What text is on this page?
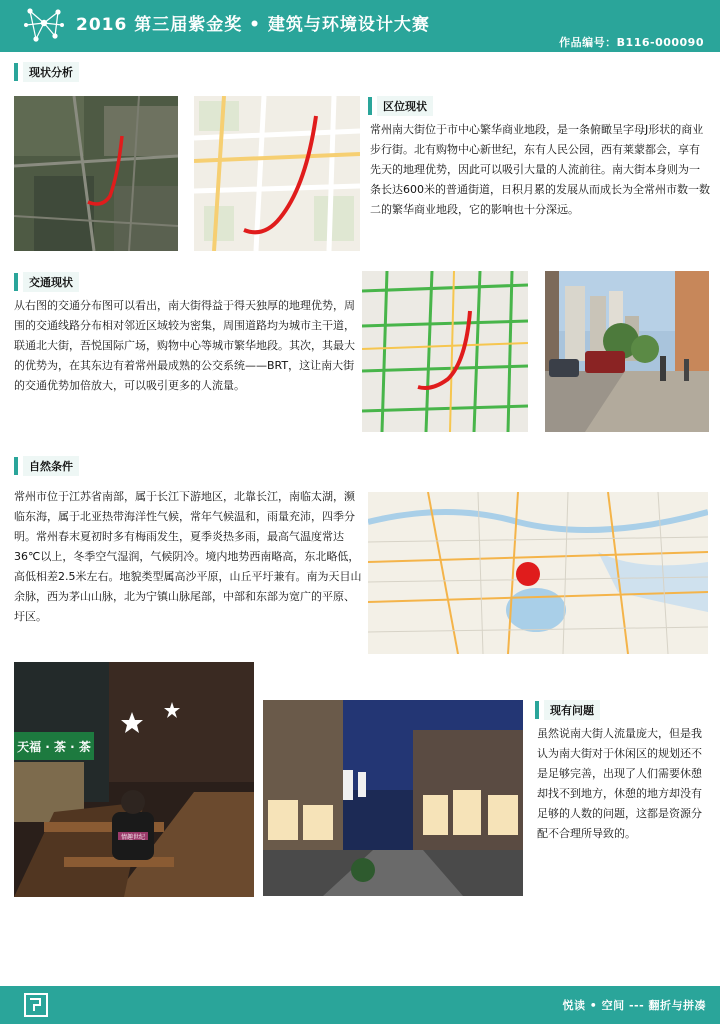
2016 第三届紫金奖 • 建筑与环境设计大赛
作品编号：B116-000090
现状分析
区位现状
常州南大街位于市中心繁华商业地段，是一条俯瞰呈字母J形状的商业步行街。北有购物中心新世纪，东有人民公园，西有莱蒙都会，享有先天的地理优势，因此可以吸引大量的人流前往。南大街本身则为一条长达600米的普通街道，日积月累的发展从而成长为全常州市数一数二的繁华商业地段，它的影响也十分深远。
交通现状
从右图的交通分布图可以看出，南大街得益于得天独厚的地理优势，周围的交通线路分布相对邻近区域较为密集，周围道路均为城市主干道，联通北大街，吾悦国际广场，购物中心等城市繁华地段。其次，其最大的优势为，在其东边有着常州最成熟的公交系统——BRT，这让南大街的交通优势加倍放大，可以吸引更多的人流量。
自然条件
常州市位于江苏省南部，属于长江下游地区，北靠长江，南临太湖，濒临东海，属于北亚热带海洋性气候，常年气候温和，雨量充沛，四季分明。常州春末夏初时多有梅雨发生，夏季炎热多雨，最高气温度常达36℃以上，冬季空气湿润，气候阴冷。境内地势西南略高，东北略低，高低相差2.5米左右。地貌类型属高沙平原，山丘平圩兼有。南为天目山余脉，西为茅山山脉，北为宁镇山脉尾部，中部和东部为宽广的平原、圩区。
情趣世纪
天福 · 茶 · 茶
现有问题
虽然说南大街人流量庞大，但是我认为南大街对于休闲区的规划还不是足够完善，出现了人们需要休憩却找不到地方，休憩的地方却没有足够的人数的问题，这都是资源分配不合理所导致的。
悦读 • 空间 --- 翻折与拼凑
